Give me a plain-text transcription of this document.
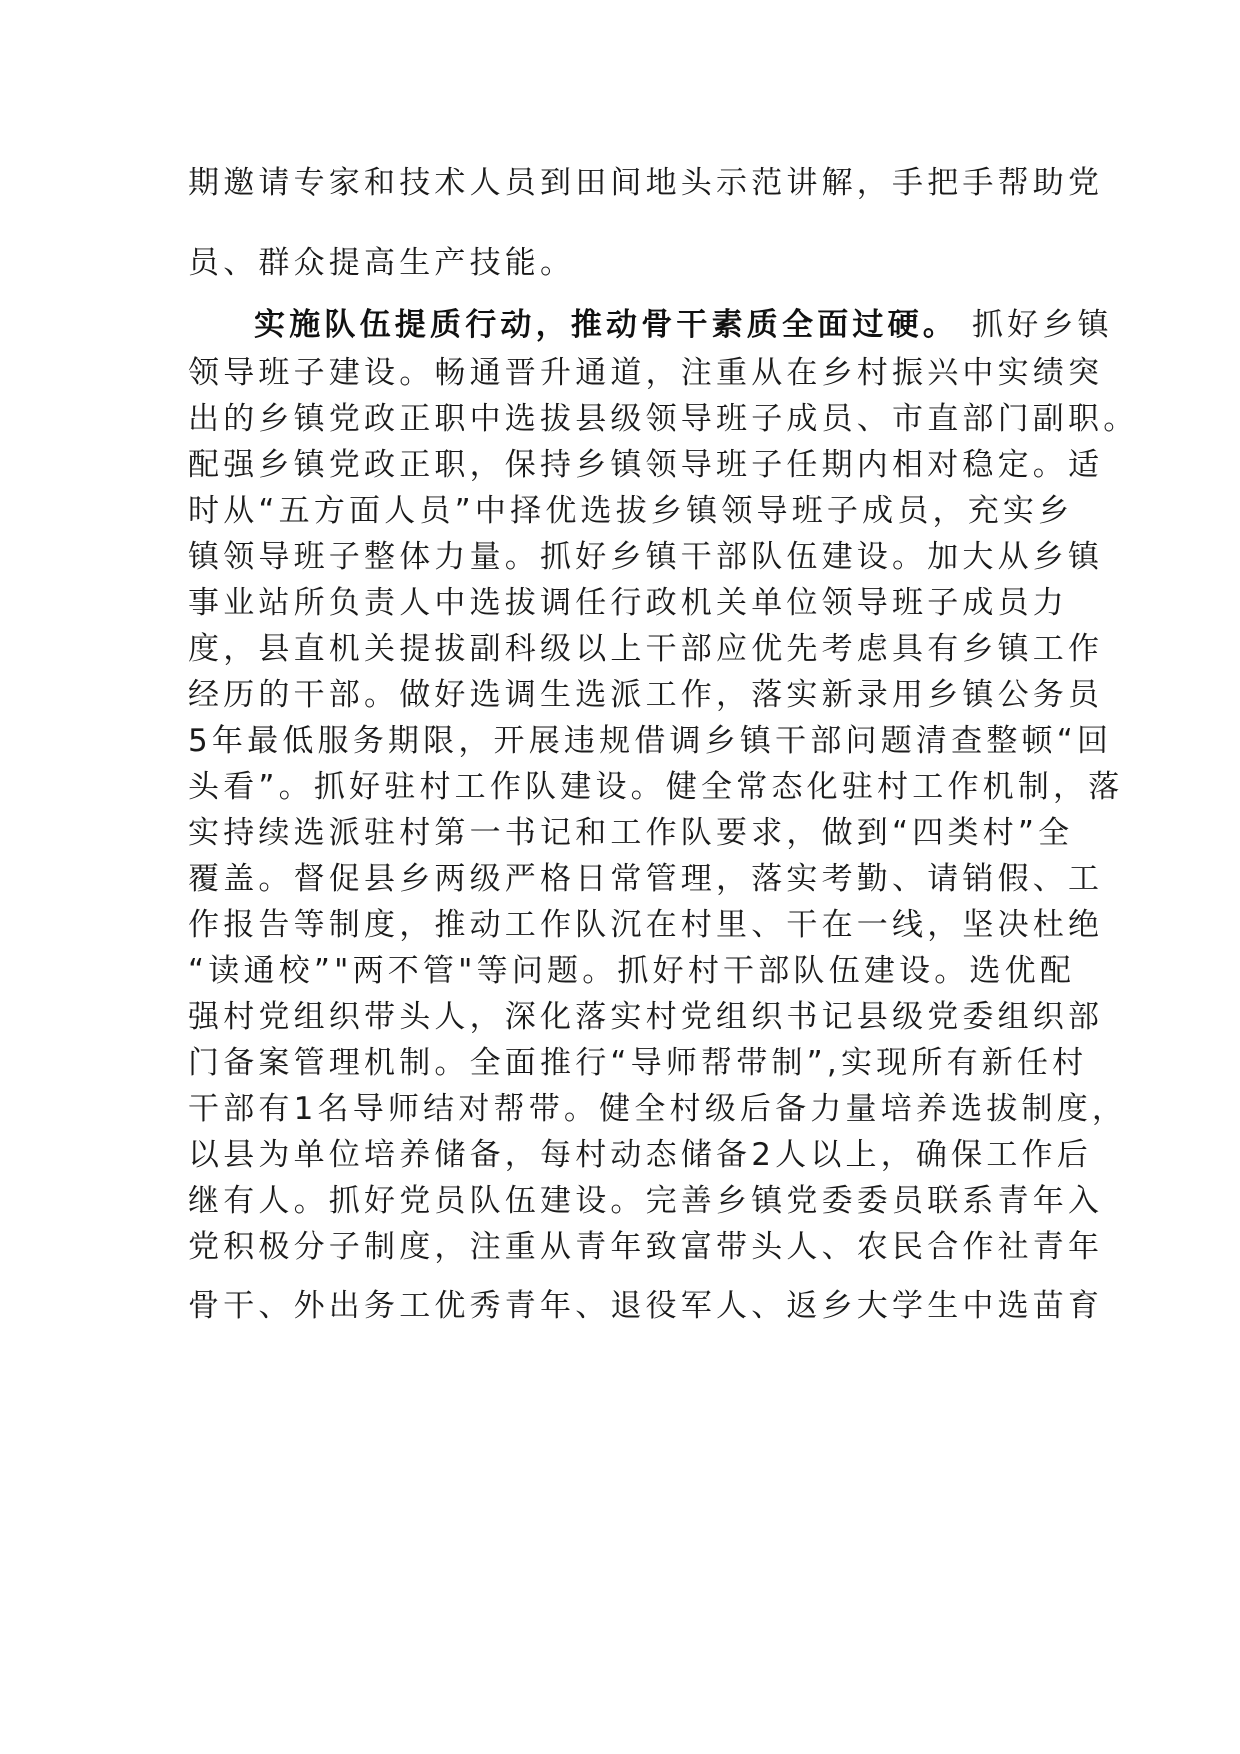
期邀请专家和技术人员到田间地头示范讲解，手把手帮助党
员、群众提高生产技能。
实施队伍提质行动，推动骨干素质全面过硬。 抓好乡镇
领导班子建设。畅通晋升通道，注重从在乡村振兴中实绩突
出的乡镇党政正职中选拔县级领导班子成员、市直部门副职。
配强乡镇党政正职，保持乡镇领导班子任期内相对稳定。适
时从“五方面人员”中择优选拔乡镇领导班子成员，充实乡
镇领导班子整体力量。抓好乡镇干部队伍建设。加大从乡镇
事业站所负责人中选拔调任行政机关单位领导班子成员力
度，县直机关提拔副科级以上干部应优先考虑具有乡镇工作
经历的干部。做好选调生选派工作，落实新录用乡镇公务员
5年最低服务期限，开展违规借调乡镇干部问题清查整顿“回
头看”。抓好驻村工作队建设。健全常态化驻村工作机制，落
实持续选派驻村第一书记和工作队要求，做到“四类村”全
覆盖。督促县乡两级严格日常管理，落实考勤、请销假、工
作报告等制度，推动工作队沉在村里、干在一线，坚决杜绝
“读通校”"两不管"等问题。抓好村干部队伍建设。选优配
强村党组织带头人，深化落实村党组织书记县级党委组织部
门备案管理机制。全面推行“导师帮带制”,实现所有新任村
干部有1名导师结对帮带。健全村级后备力量培养选拔制度，
以县为单位培养储备，每村动态储备2人以上，确保工作后
继有人。抓好党员队伍建设。完善乡镇党委委员联系青年入
党积极分子制度，注重从青年致富带头人、农民合作社青年
骨干、外出务工优秀青年、退役军人、返乡大学生中选苗育
